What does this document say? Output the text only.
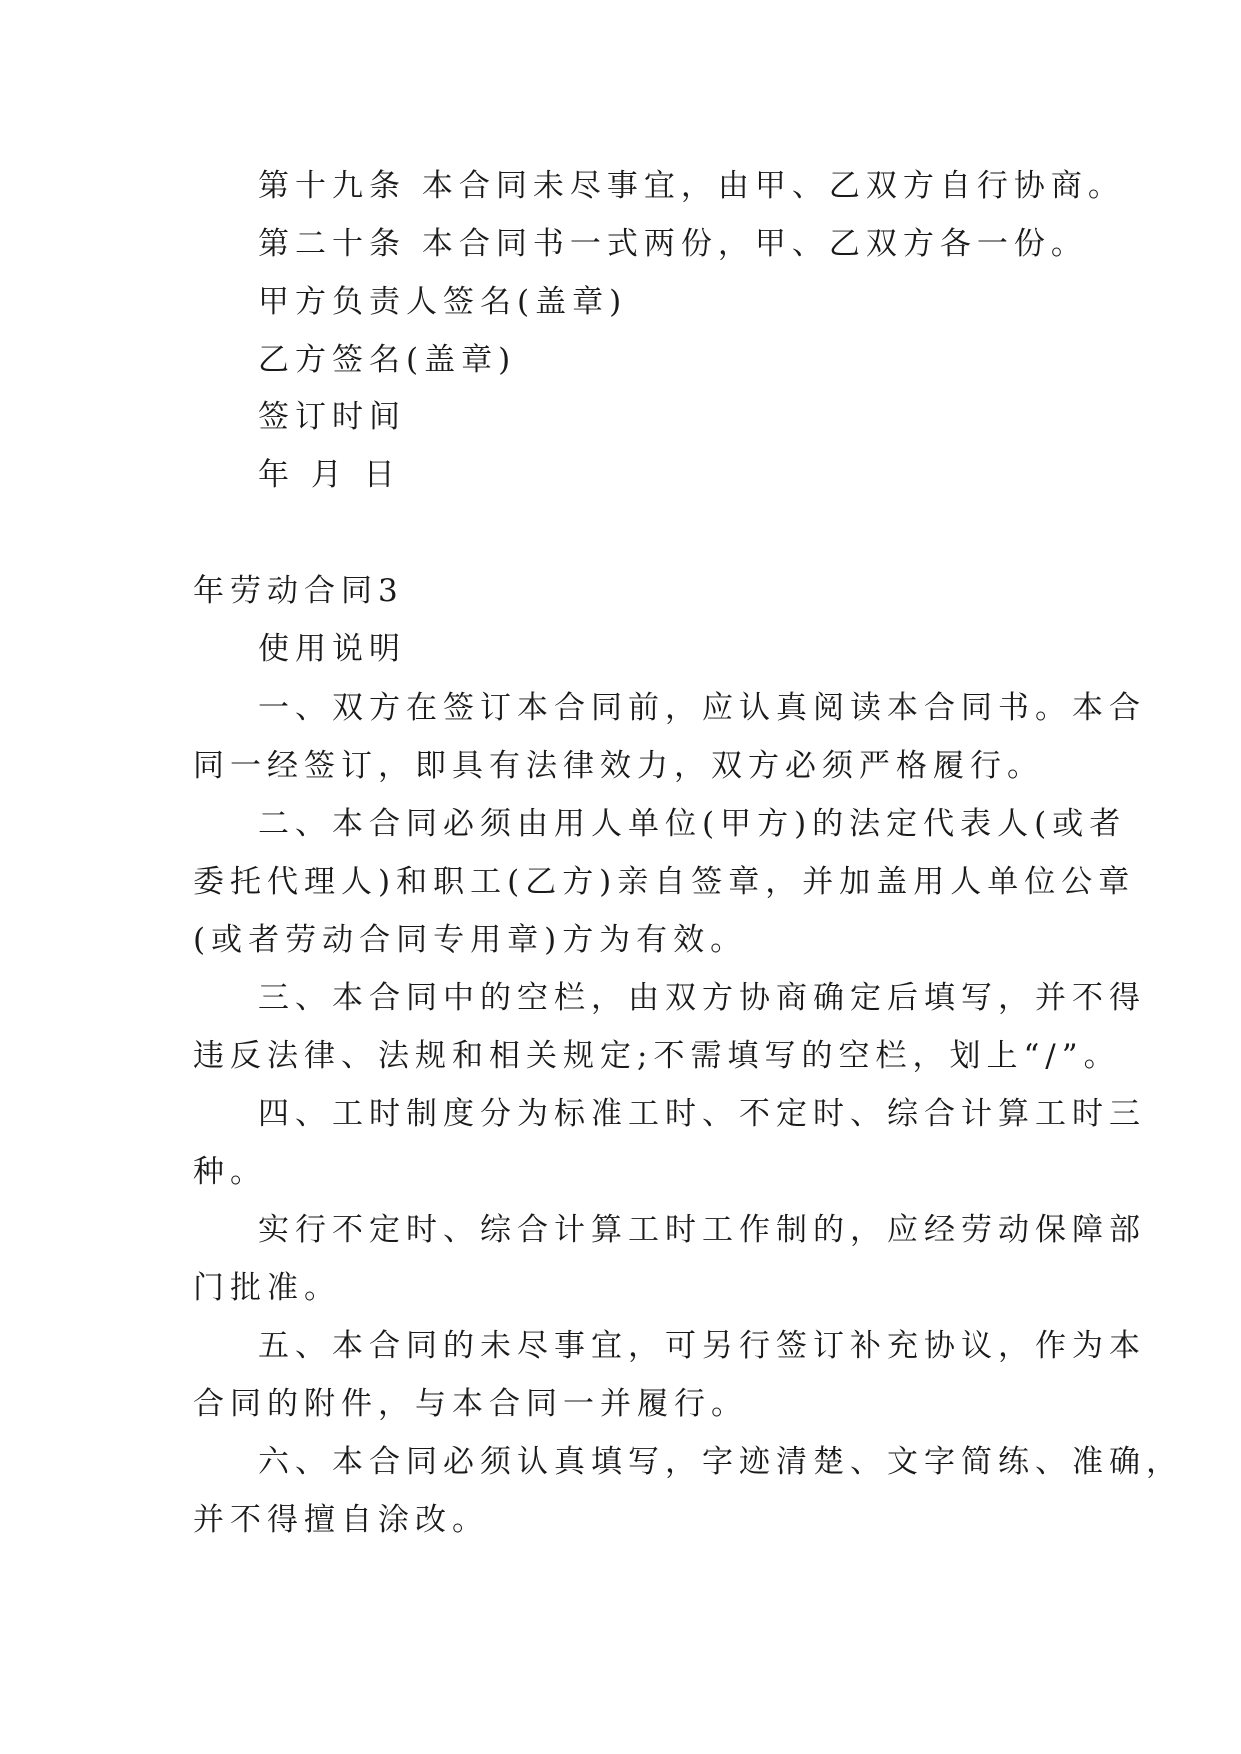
第十九条 本合同未尽事宜，由甲、乙双方自行协商。
第二十条 本合同书一式两份，甲、乙双方各一份。
甲方负责人签名(盖章)
乙方签名(盖章)
签订时间
年 月 日
年劳动合同3
使用说明
一、双方在签订本合同前，应认真阅读本合同书。本合
同一经签订，即具有法律效力，双方必须严格履行。
二、本合同必须由用人单位(甲方)的法定代表人(或者
委托代理人)和职工(乙方)亲自签章，并加盖用人单位公章
(或者劳动合同专用章)方为有效。
三、本合同中的空栏，由双方协商确定后填写，并不得
违反法律、法规和相关规定;不需填写的空栏，划上“/”。
四、工时制度分为标准工时、不定时、综合计算工时三
种。
实行不定时、综合计算工时工作制的，应经劳动保障部
门批准。
五、本合同的未尽事宜，可另行签订补充协议，作为本
合同的附件，与本合同一并履行。
六、本合同必须认真填写，字迹清楚、文字简练、准确，
并不得擅自涂改。
